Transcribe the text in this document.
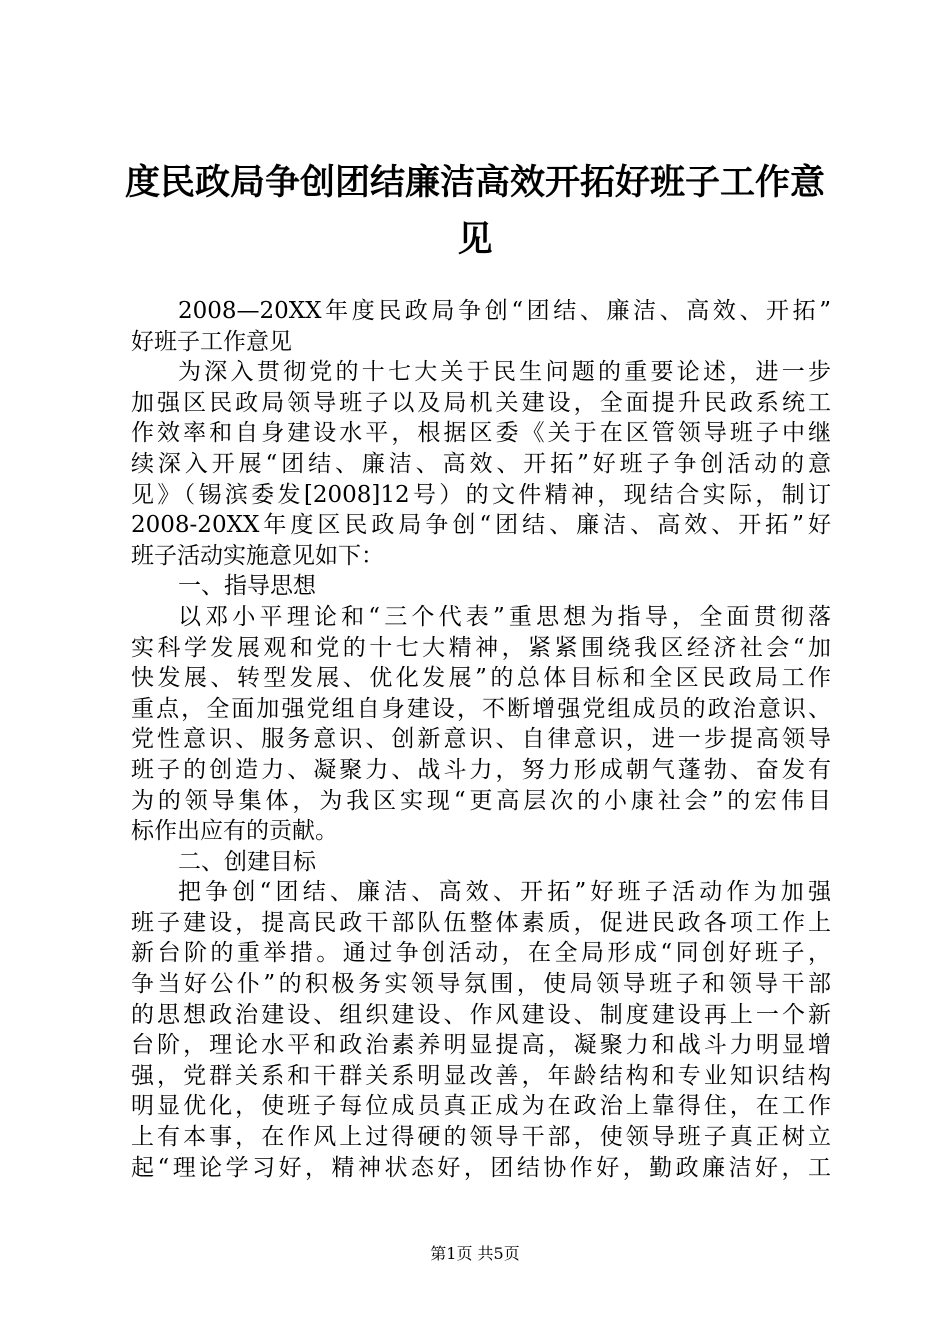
度民政局争创团结廉洁高效开拓好班子工作意
见
2008—20XX年度民政局争创“团结、廉洁、高效、开拓”
好班子工作意见
为深入贯彻党的十七大关于民生问题的重要论述，进一步
加强区民政局领导班子以及局机关建设，全面提升民政系统工
作效率和自身建设水平，根据区委《关于在区管领导班子中继
续深入开展“团结、廉洁、高效、开拓”好班子争创活动的意
见》（锡滨委发[2008]12号）的文件精神，现结合实际，制订
2008-20XX年度区民政局争创“团结、廉洁、高效、开拓”好
班子活动实施意见如下：
一、指导思想
以邓小平理论和“三个代表”重思想为指导，全面贯彻落
实科学发展观和党的十七大精神，紧紧围绕我区经济社会“加
快发展、转型发展、优化发展”的总体目标和全区民政局工作
重点，全面加强党组自身建设，不断增强党组成员的政治意识、
党性意识、服务意识、创新意识、自律意识，进一步提高领导
班子的创造力、凝聚力、战斗力，努力形成朝气蓬勃、奋发有
为的领导集体，为我区实现“更高层次的小康社会”的宏伟目
标作出应有的贡献。
二、创建目标
把争创“团结、廉洁、高效、开拓”好班子活动作为加强
班子建设，提高民政干部队伍整体素质，促进民政各项工作上
新台阶的重举措。通过争创活动，在全局形成“同创好班子，
争当好公仆”的积极务实领导氛围，使局领导班子和领导干部
的思想政治建设、组织建设、作风建设、制度建设再上一个新
台阶，理论水平和政治素养明显提高，凝聚力和战斗力明显增
强，党群关系和干群关系明显改善，年龄结构和专业知识结构
明显优化，使班子每位成员真正成为在政治上靠得住，在工作
上有本事，在作风上过得硬的领导干部，使领导班子真正树立
起“理论学习好，精神状态好，团结协作好，勤政廉洁好，工
第1页 共5页
